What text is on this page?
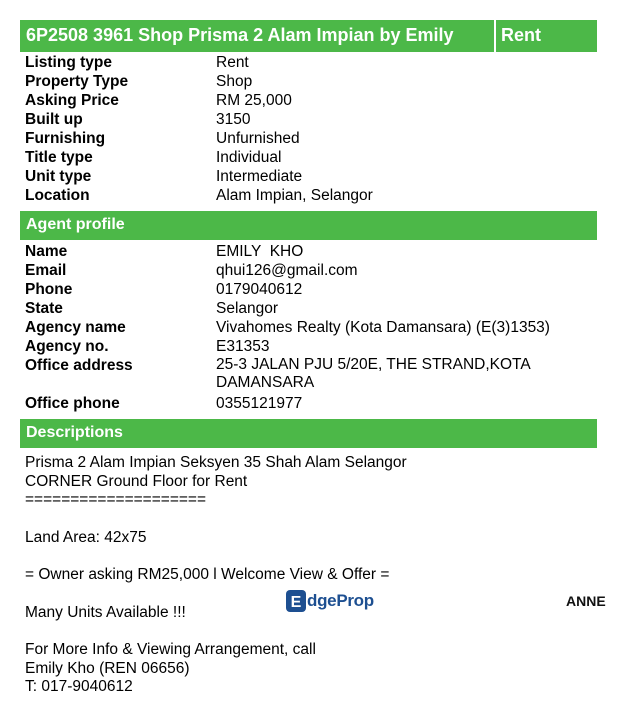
6P2508 3961 Shop Prisma 2 Alam Impian by Emily	Rent
Listing type	Rent
Property Type	Shop
Asking Price	RM 25,000
Built up	3150
Furnishing	Unfurnished
Title type	Individual
Unit type	Intermediate
Location	Alam Impian, Selangor
Agent profile
Name	EMILY  KHO
Email	qhui126@gmail.com
Phone	0179040612
State	Selangor
Agency name	Vivahomes Realty (Kota Damansara) (E(3)1353)
Agency no.	E31353
Office address	25-3 JALAN PJU 5/20E, THE STRAND,KOTA DAMANSARA
Office phone	0355121977
Descriptions
Prisma 2 Alam Impian Seksyen 35 Shah Alam Selangor
CORNER Ground Floor for Rent
====================
Land Area: 42x75
= Owner asking RM25,000 l Welcome View & Offer =
Many Units Available !!!
For More Info & Viewing Arrangement, call
Emily Kho (REN 06656)
T: 017-9040612
E dgeProp	ANNE
